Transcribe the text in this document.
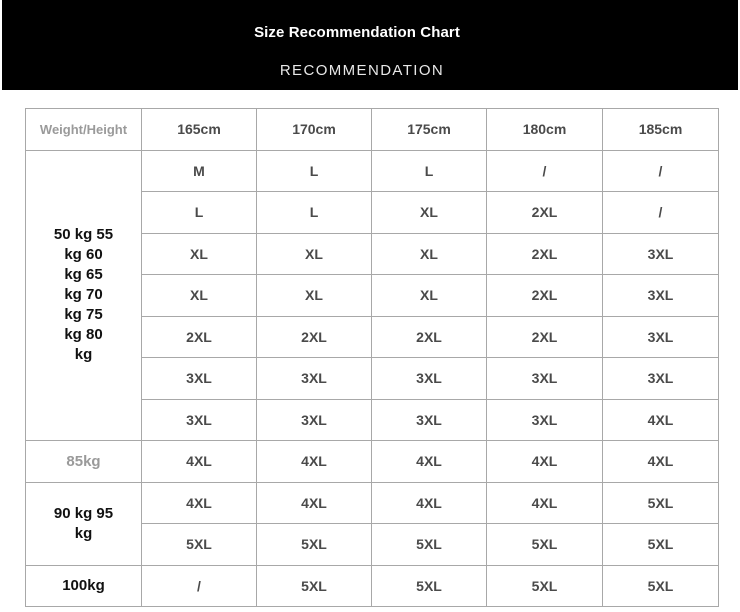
Size Recommendation Chart
RECOMMENDATION
Weight/Height	165cm	170cm	175cm	180cm	185cm
50 kg 55 kg 60 kg 65 kg 70 kg 75 kg 80 kg	M	L	L	/	/
	L	L	XL	2XL	/
	XL	XL	XL	2XL	3XL
	XL	XL	XL	2XL	3XL
	2XL	2XL	2XL	2XL	3XL
	3XL	3XL	3XL	3XL	3XL
	3XL	3XL	3XL	3XL	4XL
85kg	4XL	4XL	4XL	4XL	4XL
90 kg 95 kg	4XL	4XL	4XL	4XL	5XL
	5XL	5XL	5XL	5XL	5XL
100kg	/	5XL	5XL	5XL	5XL
